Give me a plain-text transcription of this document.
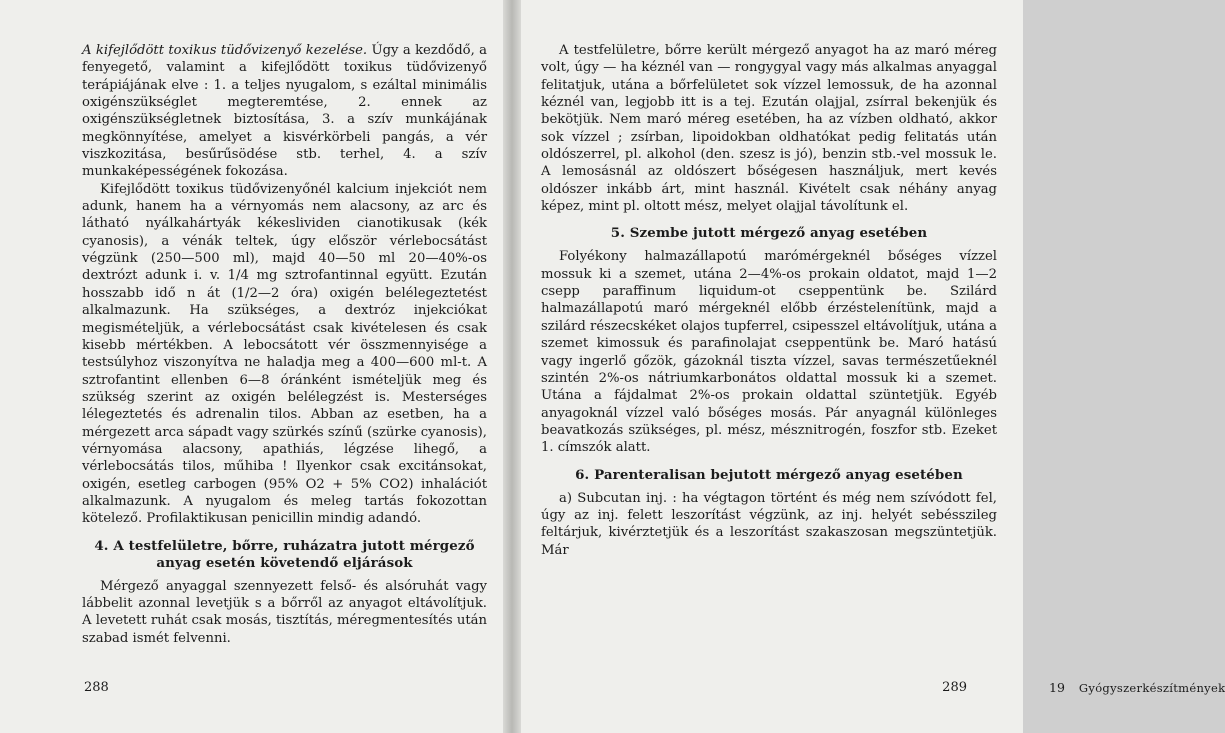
A kifejlődött toxikus tüdővizenyő kezelése. Úgy a kezdődő, a fenyegető, valamint a kifejlődött toxikus tüdővizenyő terápiájának elve : 1. a teljes nyugalom, s ezáltal minimális oxigénszükséglet megteremtése, 2. ennek az oxigénszükségletnek biztosítása, 3. a szív munkájának megkönnyítése, amelyet a kisvérkörbeli pangás, a vér viszkozitása, besűrűsödése stb. terhel, 4. a szív munkaképességének fokozása.

Kifejlődött toxikus tüdővizenyőnél kalcium injekciót nem adunk, hanem ha a vérnyomás nem alacsony, az arc és látható nyálkahártyák kékeslividen cianotikusak (kék cyanosis), a vénák teltek, úgy először vérlebocsátást végzünk (250—500 ml), majd 40—50 ml 20—40%-os dextrózt adunk i. v. 1/4 mg sztrofantinnal együtt. Ezután hosszabb idő n át (1/2—2 óra) oxigén belélegeztetést alkalmazunk. Ha szükséges, a dextróz injekciókat megismételjük, a vérlebocsátást csak kivételesen és csak kisebb mértékben. A lebocsátott vér összmennyisége a testsúlyhoz viszonyítva ne haladja meg a 400—600 ml-t. A sztrofantint ellenben 6—8 óránként ismételjük meg és szükség szerint az oxigén belélegzést is. Mesterséges lélegeztetés és adrenalin tilos. Abban az esetben, ha a mérgezett arca sápadt vagy szürkés színű (szürke cyanosis), vérnyomása alacsony, apathiás, légzése lihegő, a vérlebocsátás tilos, műhiba ! Ilyenkor csak excitánsokat, oxigén, esetleg carbogen (95% O2 + 5% CO2) inhalációt alkalmazunk. A nyugalom és meleg tartás fokozottan kötelező. Profilaktikusan penicillin mindig adandó.

4. A testfelületre, bőrre, ruházatra jutott mérgező anyag esetén követendő eljárások

Mérgező anyaggal szennyezett felső- és alsóruhát vagy lábbelit azonnal levetjük s a bőrről az anyagot eltávolítjuk. A levetett ruhát csak mosás, tisztítás, méregmentesítés után szabad ismét felvenni.

288

A testfelületre, bőrre került mérgező anyagot ha az maró méreg volt, úgy — ha kéznél van — rongygyal vagy más alkalmas anyaggal felitatjuk, utána a bőrfelületet sok vízzel lemossuk, de ha azonnal kéznél van, legjobb itt is a tej. Ezután olajjal, zsírral bekenjük és bekötjük. Nem maró méreg esetében, ha az vízben oldható, akkor sok vízzel ; zsírban, lipoidokban oldhatókat pedig felitatás után oldószerrel, pl. alkohol (den. szesz is jó), benzin stb.-vel mossuk le. A lemosásnál az oldószert bőségesen használjuk, mert kevés oldószer inkább árt, mint használ. Kivételt csak néhány anyag képez, mint pl. oltott mész, melyet olajjal távolítunk el.

5. Szembe jutott mérgező anyag esetében

Folyékony halmazállapotú marómérgeknél bőséges vízzel mossuk ki a szemet, utána 2—4%-os prokain oldatot, majd 1—2 csepp paraffinum liquidum-ot cseppentünk be. Szilárd halmazállapotú maró mérgeknél előbb érzéstelenítünk, majd a szilárd részecskéket olajos tupferrel, csipesszel eltávolítjuk, utána a szemet kimossuk és parafinolajat cseppentünk be. Maró hatású vagy ingerlő gőzök, gázoknál tiszta vízzel, savas természetűeknél szintén 2%-os nátriumkarbonátos oldattal mossuk ki a szemet. Utána a fájdalmat 2%-os prokain oldattal szüntetjük. Egyéb anyagoknál vízzel való bőséges mosás. Pár anyagnál különleges beavatkozás szükséges, pl. mész, mésznitrogén, foszfor stb. Ezeket 1. címszók alatt.

6. Parenteralisan bejutott mérgező anyag esetében

a) Subcutan inj. : ha végtagon történt és még nem szívódott fel, úgy az inj. felett leszorítást végzünk, az inj. helyét sebésszileg feltárjuk, kivérztetjük és a leszorítást szakaszosan megszüntetjük. Már

19 Gyógyszerkészítmények
289
